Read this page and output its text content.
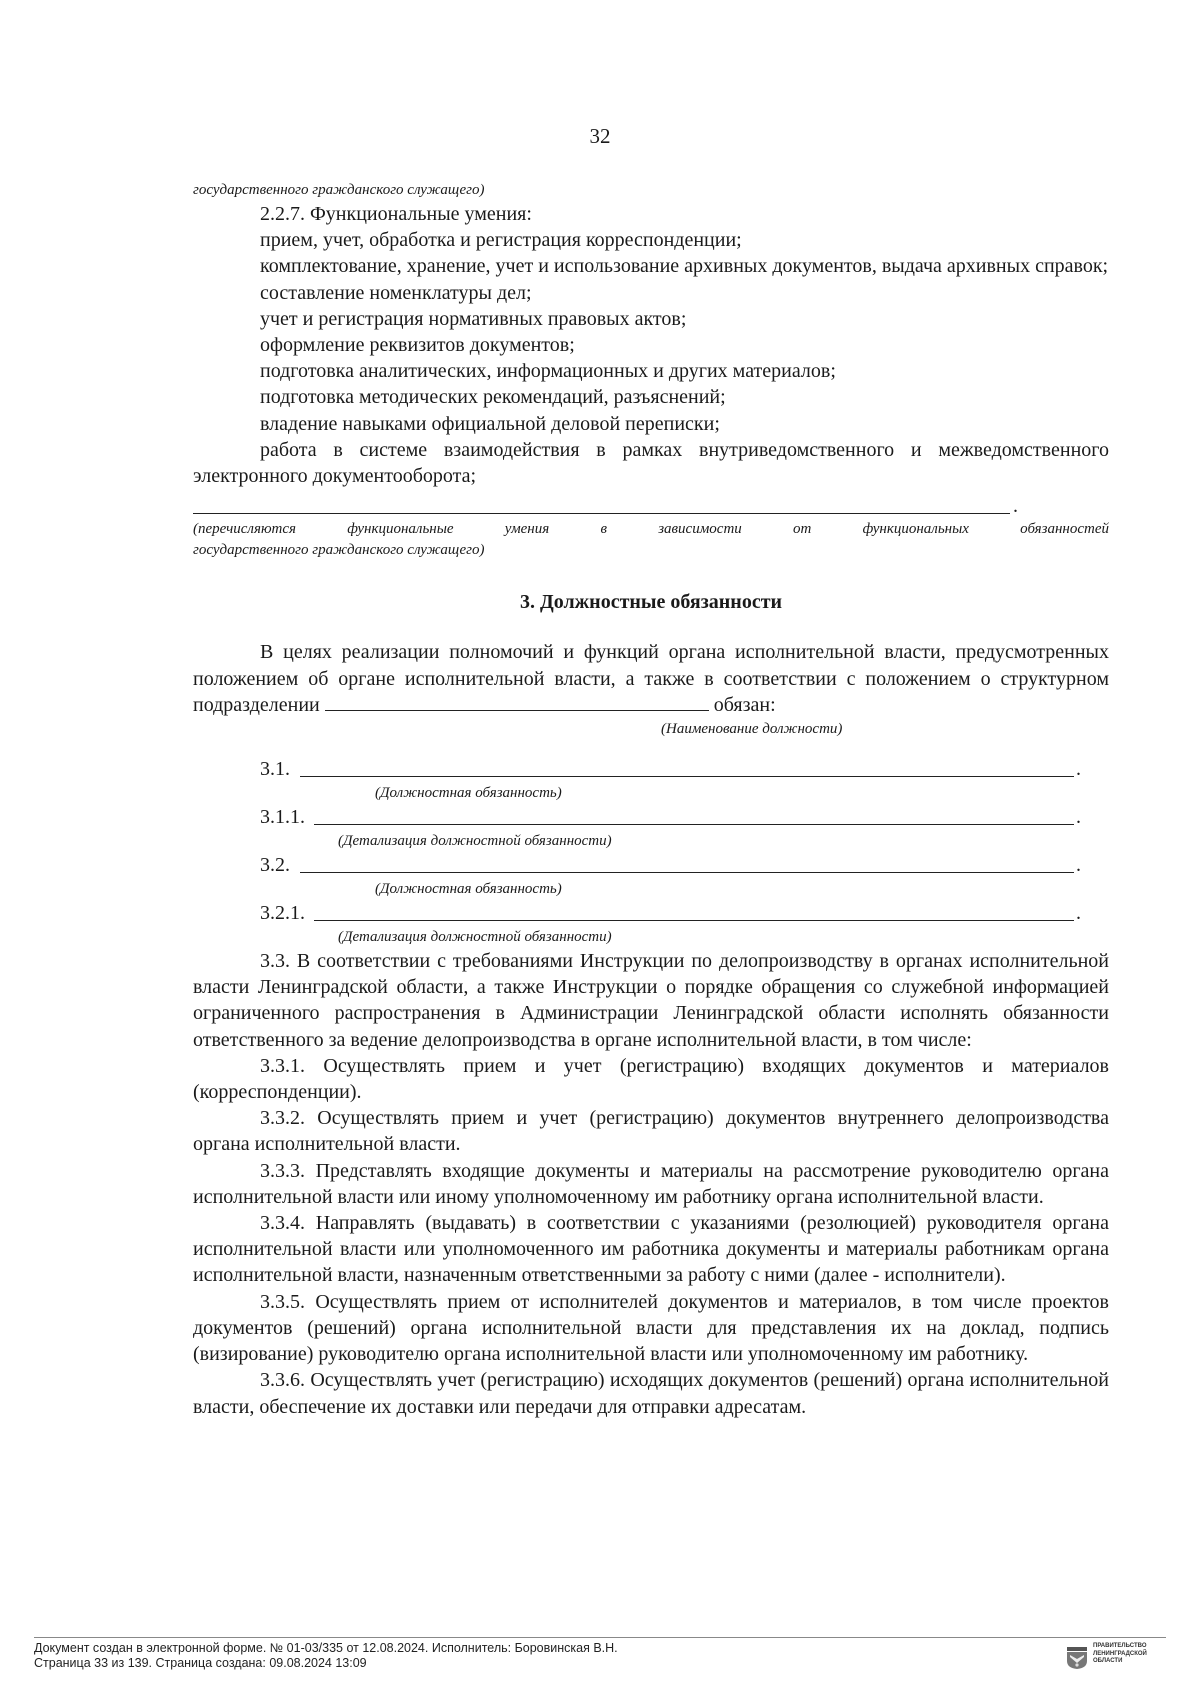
32
государственного гражданского служащего)
2.2.7. Функциональные умения:
прием, учет, обработка и регистрация корреспонденции;
комплектование, хранение, учет и использование архивных документов, выдача архивных справок;
составление номенклатуры дел;
учет и регистрация нормативных правовых актов;
оформление реквизитов документов;
подготовка аналитических, информационных и других материалов;
подготовка методических рекомендаций, разъяснений;
владение навыками официальной деловой переписки;
работа в системе взаимодействия в рамках внутриведомственного и межведомственного электронного документооборота;
.
(перечисляются функциональные умения в зависимости от функциональных обязанностей
государственного гражданского служащего)
3. Должностные обязанности
В целях реализации полномочий и функций органа исполнительной власти, предусмотренных положением об органе исполнительной власти, а также в соответствии с положением о структурном подразделении	обязан:
(Наименование должности)
3.1.	.
(Должностная обязанность)
3.1.1.	.
(Детализация должностной обязанности)
3.2.	.
(Должностная обязанность)
3.2.1.	.
(Детализация должностной обязанности)
3.3. В соответствии с требованиями Инструкции по делопроизводству в органах исполнительной власти Ленинградской области, а также Инструкции о порядке обращения со служебной информацией ограниченного распространения в Администрации Ленинградской области исполнять обязанности ответственного за ведение делопроизводства в органе исполнительной власти, в том числе:
3.3.1. Осуществлять прием и учет (регистрацию) входящих документов и материалов (корреспонденции).
3.3.2. Осуществлять прием и учет (регистрацию) документов внутреннего делопроизводства органа исполнительной власти.
3.3.3. Представлять входящие документы и материалы на рассмотрение руководителю органа исполнительной власти или иному уполномоченному им работнику органа исполнительной власти.
3.3.4. Направлять (выдавать) в соответствии с указаниями (резолюцией) руководителя органа исполнительной власти или уполномоченного им работника документы и материалы работникам органа исполнительной власти, назначенным ответственными за работу с ними (далее - исполнители).
3.3.5. Осуществлять прием от исполнителей документов и материалов, в том числе проектов документов (решений) органа исполнительной власти для представления их на доклад, подпись (визирование) руководителю органа исполнительной власти или уполномоченному им работнику.
3.3.6. Осуществлять учет (регистрацию) исходящих документов (решений) органа исполнительной власти, обеспечение их доставки или передачи для отправки адресатам.
Документ создан в электронной форме. № 01-03/335 от 12.08.2024. Исполнитель: Боровинская В.Н.
Страница 33 из 139. Страница создана: 09.08.2024 13:09
ПРАВИТЕЛЬСТВО
ЛЕНИНГРАДСКОЙ
ОБЛАСТИ
